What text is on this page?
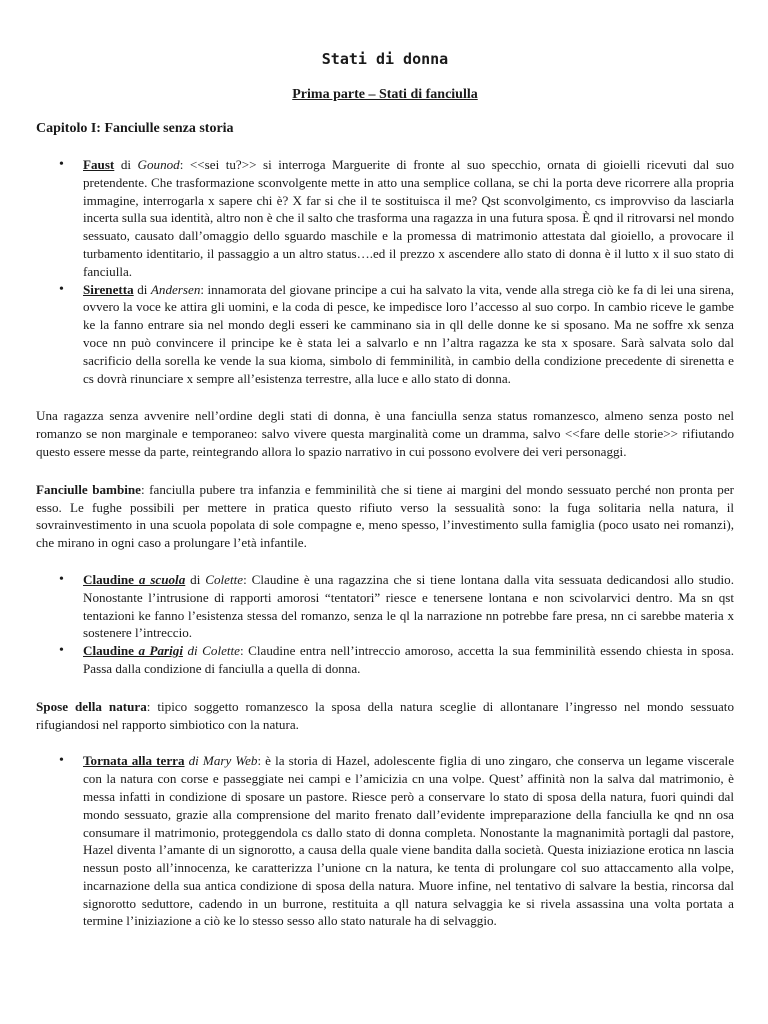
Stati di donna
Prima parte – Stati di fanciulla
Capitolo I: Fanciulle senza storia
• Faust di Gounod: <<sei tu?>> si interroga Marguerite di fronte al suo specchio, ornata di gioielli ricevuti dal suo pretendente. Che trasformazione sconvolgente mette in atto una semplice collana, se chi la porta deve ricorrere alla propria immagine, interrogarla x sapere chi è? X far si che il te sostituisca il me? Qst sconvolgimento, cs improvviso da lasciarla incerta sulla sua identità, altro non è che il salto che trasforma una ragazza in una futura sposa. È qnd il ritrovarsi nel mondo sessuato, causato dall’omaggio dello sguardo maschile e la promessa di matrimonio attestata dal gioiello, a provocare il turbamento identitario, il passaggio a un altro status….ed il prezzo x ascendere allo stato di donna è il lutto x il suo stato di fanciulla.
• Sirenetta di Andersen: innamorata del giovane principe a cui ha salvato la vita, vende alla strega ciò ke fa di lei una sirena, ovvero la voce ke attira gli uomini, e la coda di pesce, ke impedisce loro l’accesso al suo corpo. In cambio riceve le gambe ke la fanno entrare sia nel mondo degli esseri ke camminano sia in qll delle donne ke si sposano. Ma ne soffre xk senza voce nn può convincere il principe ke è stata lei a salvarlo e nn l’altra ragazza ke sta x sposare. Sarà salvata solo dal sacrificio della sorella ke vende la sua kioma, simbolo di femminilità, in cambio della condizione precedente di sirenetta e cs dovrà rinunciare x sempre all’esistenza terrestre, alla luce e allo stato di donna.

Una ragazza senza avvenire nell’ordine degli stati di donna, è una fanciulla senza status romanzesco, almeno senza posto nel romanzo se non marginale e temporaneo: salvo vivere questa marginalità come un dramma, salvo <<fare delle storie>> rifiutando questo essere messe da parte, reintegrando allora lo spazio narrativo in cui possono evolvere dei veri personaggi.

Fanciulle bambine: fanciulla pubere tra infanzia e femminilità che si tiene ai margini del mondo sessuato perché non pronta per esso. Le fughe possibili per mettere in pratica questo rifiuto verso la sessualità sono: la fuga solitaria nella natura, il sovrainvestimento in una scuola popolata di sole compagne e, meno spesso, l’investimento sulla famiglia (poco usato nei romanzi), che mirano in ogni caso a prolungare l’età infantile.

• Claudine a scuola di Colette: Claudine è una ragazzina che si tiene lontana dalla vita sessuata dedicandosi allo studio. Nonostante l’intrusione di rapporti amorosi “tentatori” riesce e tenersene lontana e non scivolarvici dentro. Ma sn qst tentazioni ke fanno l’esistenza stessa del romanzo, senza le ql la narrazione nn potrebbe fare presa, nn ci sarebbe materia x sostenere l’intreccio.
• Claudine a Parigi di Colette: Claudine entra nell’intreccio amoroso, accetta la sua femminilità essendo chiesta in sposa. Passa dalla condizione di fanciulla a quella di donna.

Spose della natura: tipico soggetto romanzesco la sposa della natura sceglie di allontanare l’ingresso nel mondo sessuato rifugiandosi nel rapporto simbiotico con la natura.

• Tornata alla terra di Mary Web: è la storia di Hazel, adolescente figlia di uno zingaro, che conserva un legame viscerale con la natura con corse e passeggiate nei campi e l’amicizia cn una volpe. Quest’ affinità non la salva dal matrimonio, è messa infatti in condizione di sposare un pastore. Riesce però a conservare lo stato di sposa della natura, fuori quindi dal mondo sessuato, grazie alla comprensione del marito frenato dall’evidente impreparazione della fanciulla ke qnd nn osa consumare il matrimonio, proteggendola cs dallo stato di donna completa. Nonostante la magnanimità portagli dal pastore, Hazel diventa l’amante di un signorotto, a causa della quale viene bandita dalla società. Questa iniziazione erotica nn lascia nessun posto all’innocenza, ke caratterizza l’unione cn la natura, ke tenta di prolungare col suo attaccamento alla volpe, incarnazione della sua antica condizione di sposa della natura. Muore infine, nel tentativo di salvare la bestia, rincorsa dal signorotto seduttore, cadendo in un burrone, restituita a qll natura selvaggia ke si rivela assassina una volta portata a termine l’iniziazione a ciò ke lo stesso sesso allo stato naturale ha di selvaggio.
